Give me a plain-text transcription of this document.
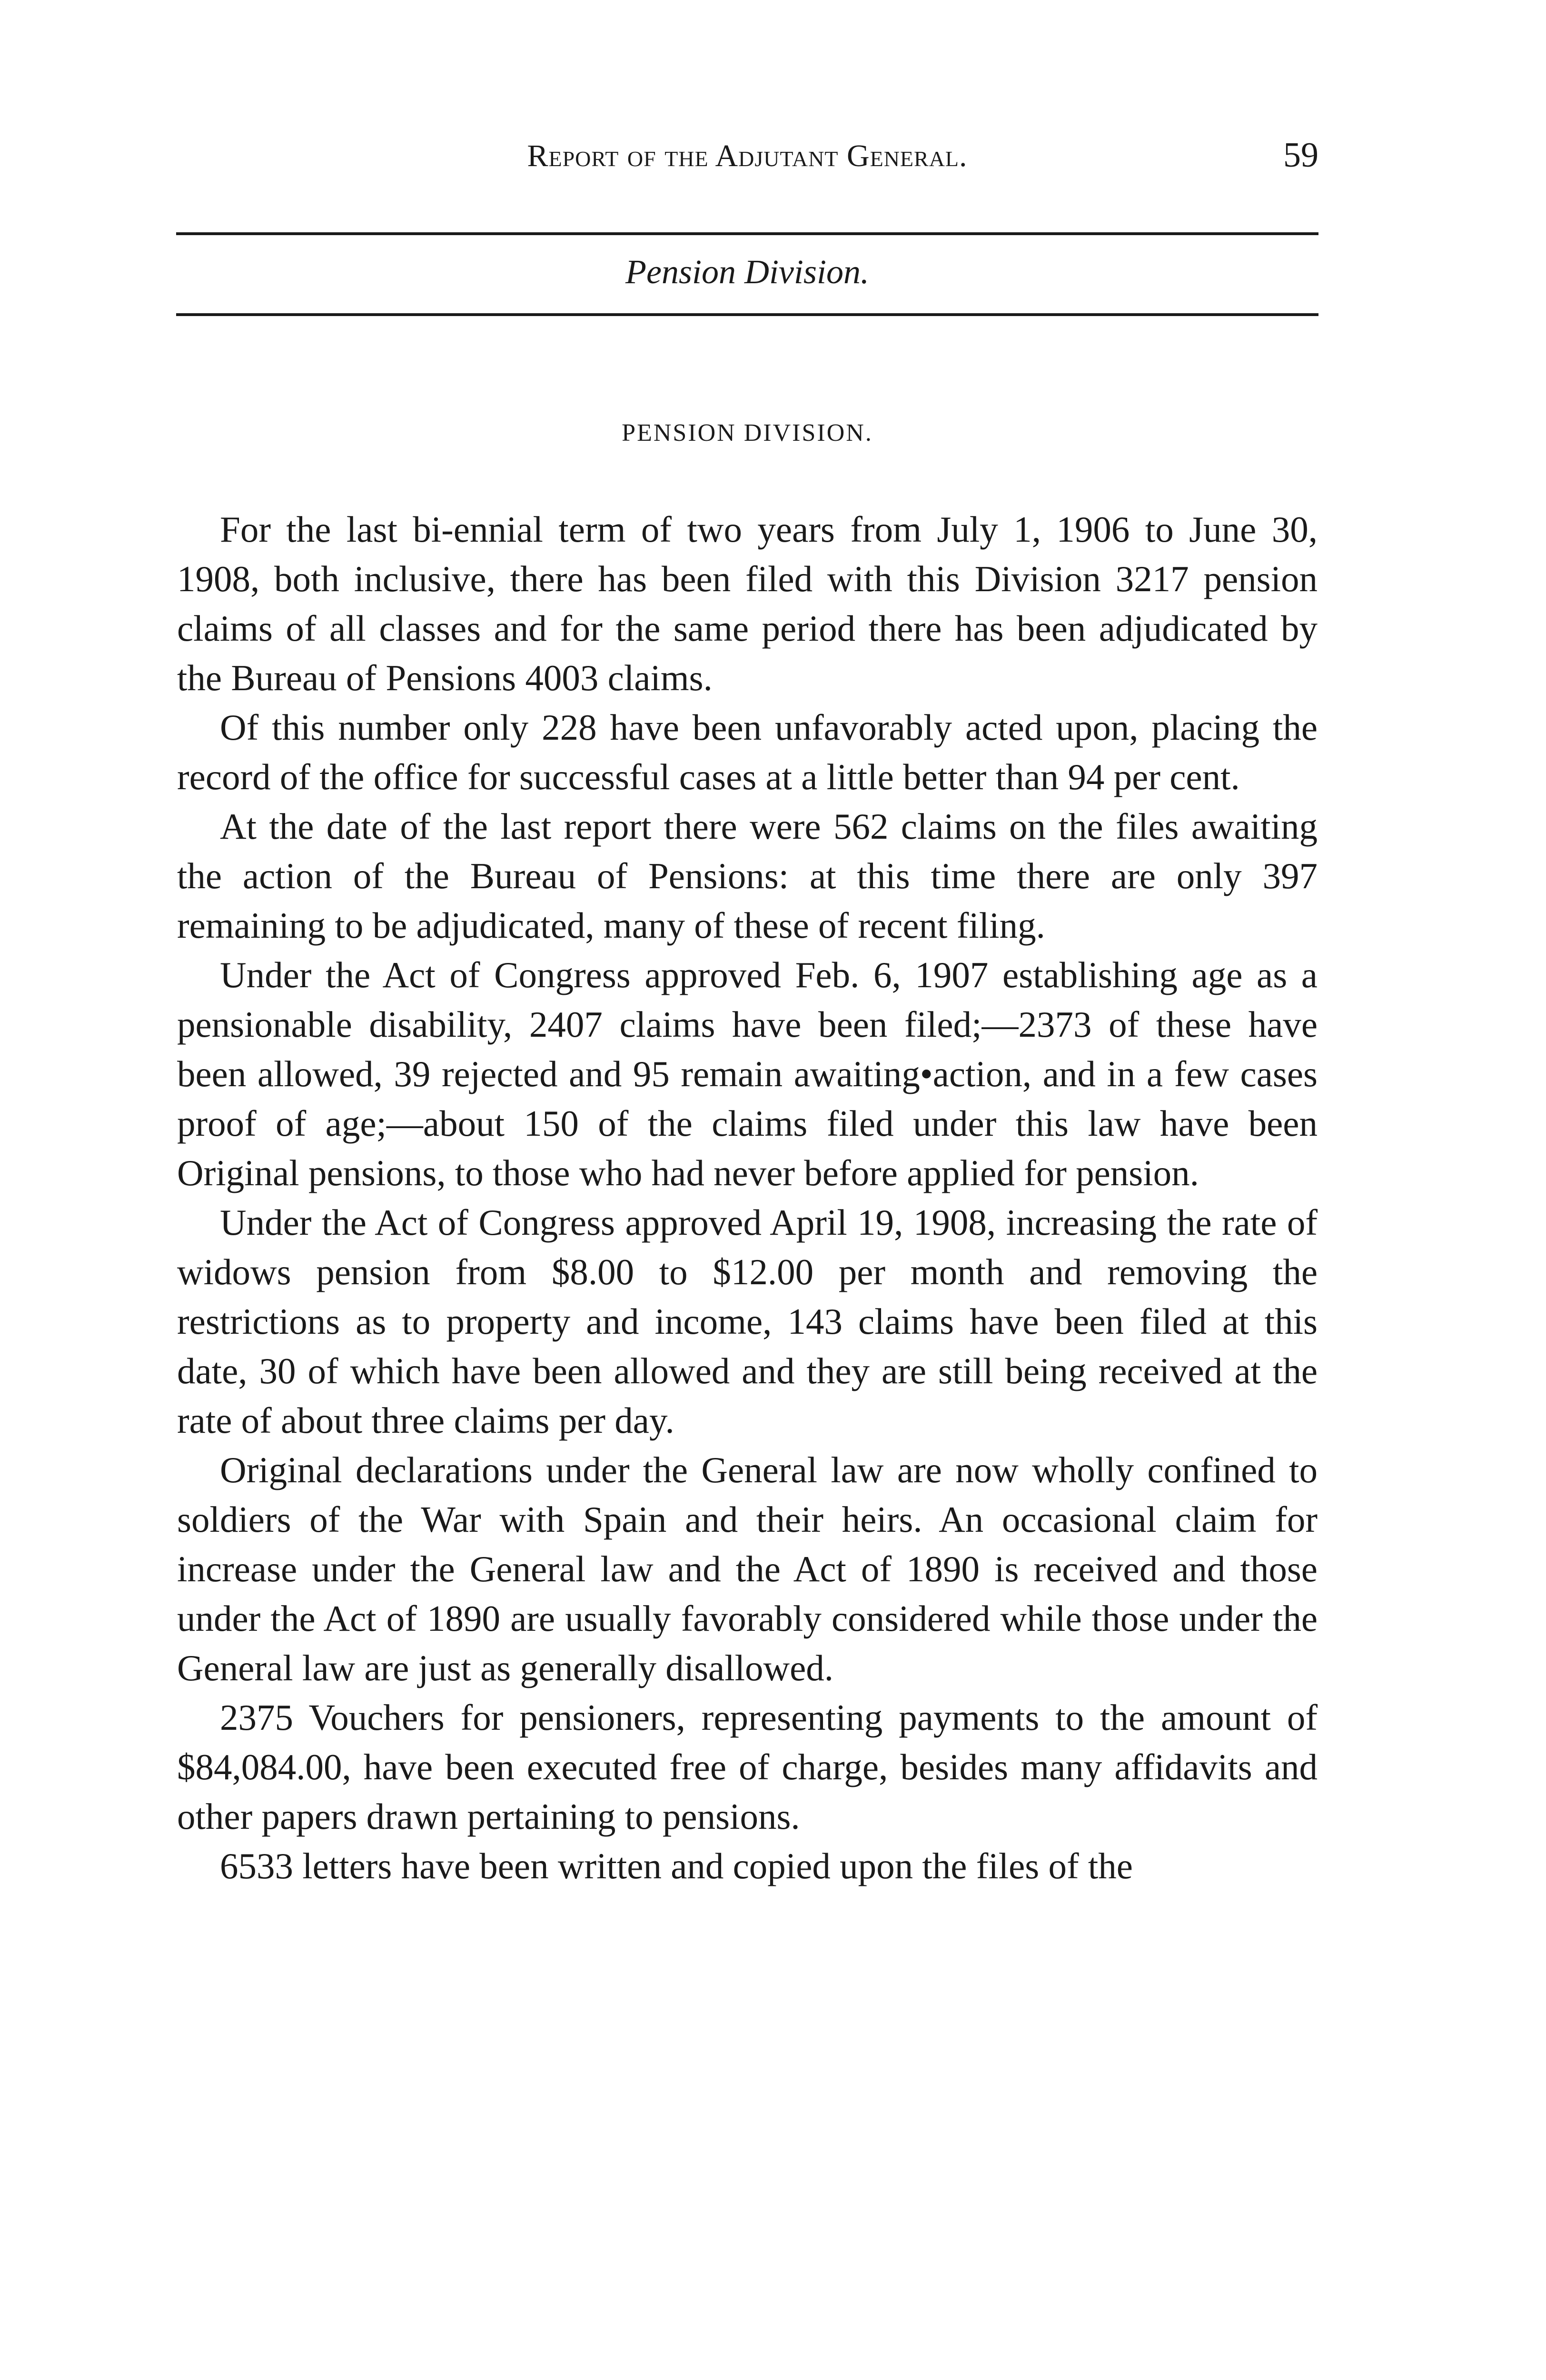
Report of the Adjutant General.	59
Pension Division.
PENSION DIVISION.

For the last bi-ennial term of two years from July 1, 1906 to June 30, 1908, both inclusive, there has been filed with this Division 3217 pension claims of all classes and for the same period there has been adjudicated by the Bureau of Pensions 4003 claims.

Of this number only 228 have been unfavorably acted upon, placing the record of the office for successful cases at a little better than 94 per cent.

At the date of the last report there were 562 claims on the files awaiting the action of the Bureau of Pensions: at this time there are only 397 remaining to be adjudicated, many of these of recent filing.

Under the Act of Congress approved Feb. 6, 1907 establishing age as a pensionable disability, 2407 claims have been filed;—2373 of these have been allowed, 39 rejected and 95 remain awaiting•action, and in a few cases proof of age;—about 150 of the claims filed under this law have been Original pensions, to those who had never before applied for pension.

Under the Act of Congress approved April 19, 1908, increasing the rate of widows pension from $8.00 to $12.00 per month and removing the restrictions as to property and income, 143 claims have been filed at this date, 30 of which have been allowed and they are still being received at the rate of about three claims per day.

Original declarations under the General law are now wholly confined to soldiers of the War with Spain and their heirs. An occasional claim for increase under the General law and the Act of 1890 is received and those under the Act of 1890 are usually favorably considered while those under the General law are just as generally disallowed.

2375 Vouchers for pensioners, representing payments to the amount of $84,084.00, have been executed free of charge, besides many affidavits and other papers drawn pertaining to pensions.

6533 letters have been written and copied upon the files of the
